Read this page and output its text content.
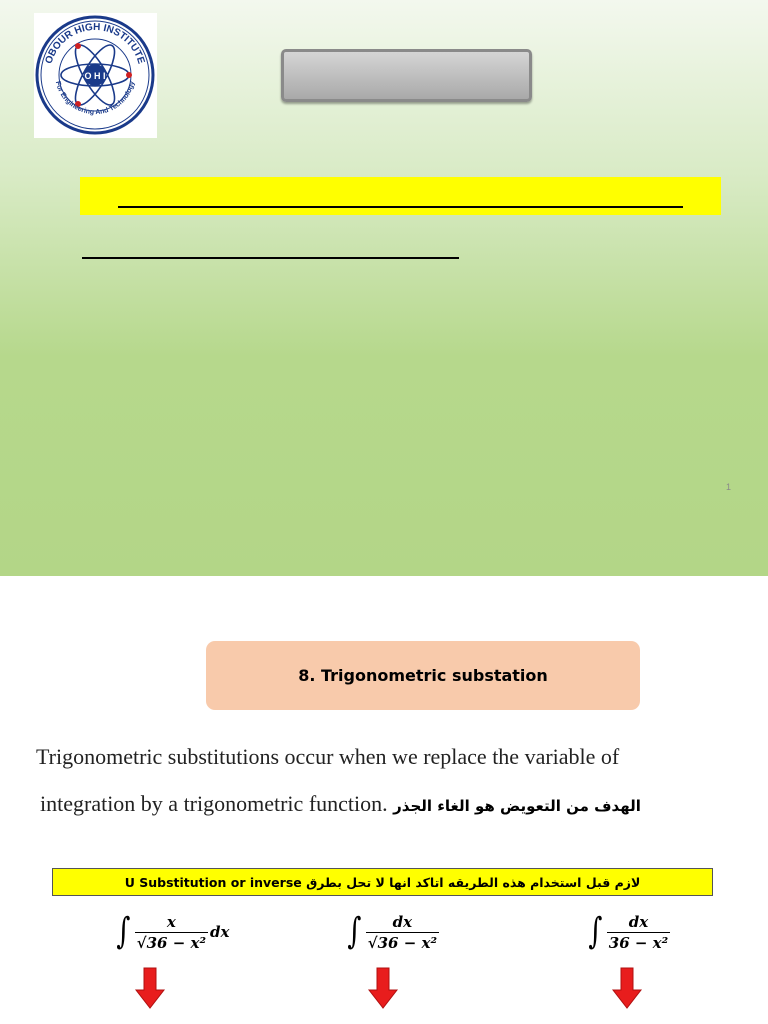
O H I
OBOUR HIGH INSTITUTE
For Engineering And Technology
1
8. Trigonometric substation
Trigonometric substitutions occur when we replace the variable of
integration by a trigonometric function. الهدف من التعويض هو الغاء الجذر
لازم قبل استخدام هذه الطريقه اتاكد انها لا تحل بطرق U Substitution or inverse
∫ $\frac{x}{\text{√36 − x²}}$ dx	∫ $\frac{dx}{\text{√36 − x²}}$	∫ $\frac{dx}{\text{36 − x²}}$
